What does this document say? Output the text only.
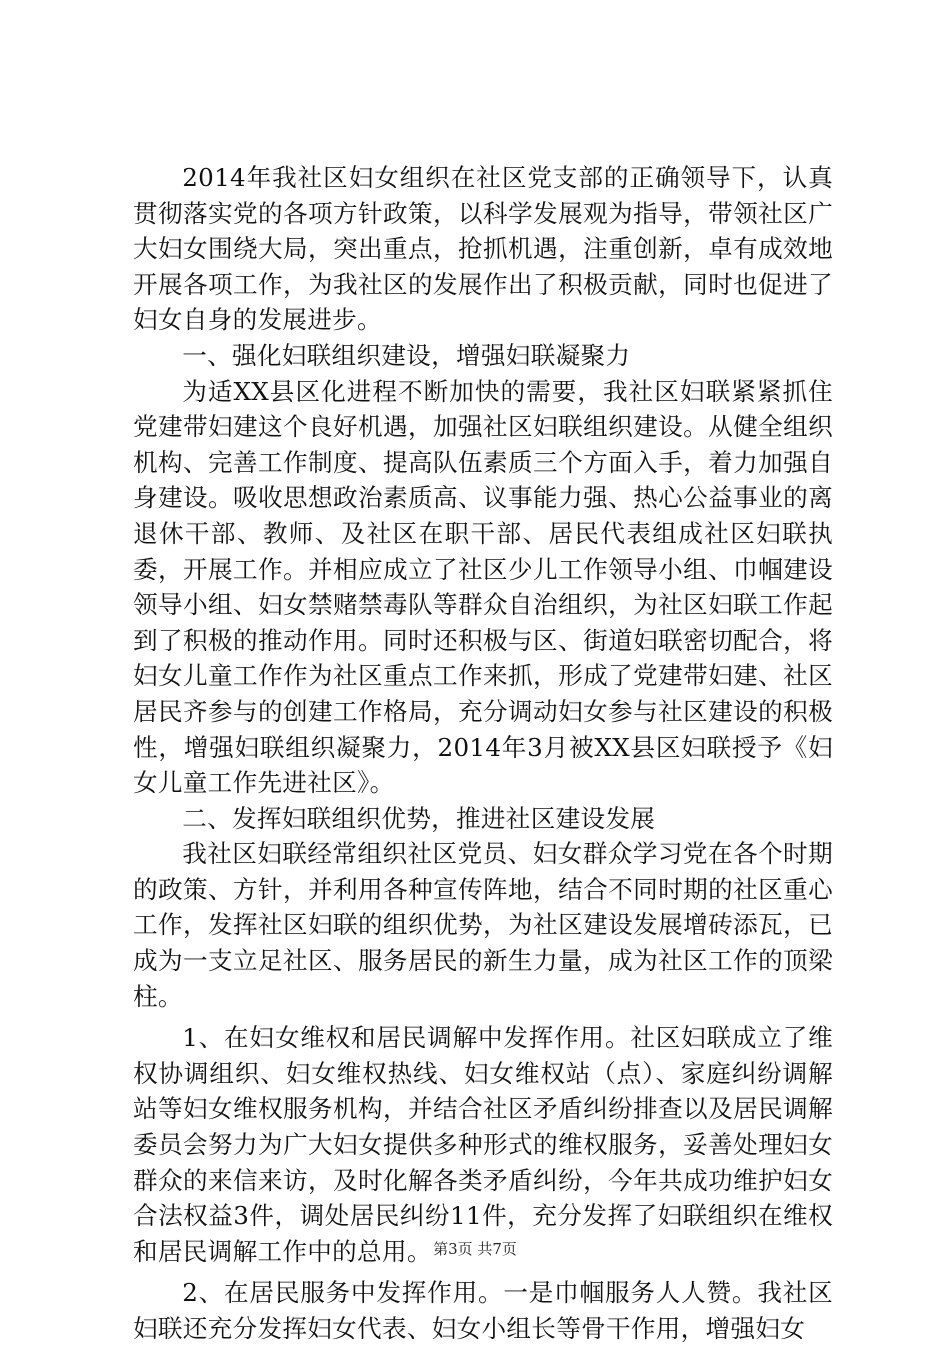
2014年我社区妇女组织在社区党支部的正确领导下，认真贯彻落实党的各项方针政策，以科学发展观为指导，带领社区广大妇女围绕大局，突出重点，抢抓机遇，注重创新，卓有成效地开展各项工作，为我社区的发展作出了积极贡献，同时也促进了妇女自身的发展进步。

一、强化妇联组织建设，增强妇联凝聚力

为适XX县区化进程不断加快的需要，我社区妇联紧紧抓住党建带妇建这个良好机遇，加强社区妇联组织建设。从健全组织机构、完善工作制度、提高队伍素质三个方面入手，着力加强自身建设。吸收思想政治素质高、议事能力强、热心公益事业的离退休干部、教师、及社区在职干部、居民代表组成社区妇联执委，开展工作。并相应成立了社区少儿工作领导小组、巾帼建设领导小组、妇女禁赌禁毒队等群众自治组织，为社区妇联工作起到了积极的推动作用。同时还积极与区、街道妇联密切配合，将妇女儿童工作作为社区重点工作来抓，形成了党建带妇建、社区居民齐参与的创建工作格局，充分调动妇女参与社区建设的积极性，增强妇联组织凝聚力，2014年3月被XX县区妇联授予《妇女儿童工作先进社区》。

二、发挥妇联组织优势，推进社区建设发展

我社区妇联经常组织社区党员、妇女群众学习党在各个时期的政策、方针，并利用各种宣传阵地，结合不同时期的社区重心工作，发挥社区妇联的组织优势，为社区建设发展增砖添瓦，已成为一支立足社区、服务居民的新生力量，成为社区工作的顶梁柱。

1、在妇女维权和居民调解中发挥作用。社区妇联成立了维权协调组织、妇女维权热线、妇女维权站（点）、家庭纠纷调解站等妇女维权服务机构，并结合社区矛盾纠纷排查以及居民调解委员会努力为广大妇女提供多种形式的维权服务，妥善处理妇女群众的来信来访，及时化解各类矛盾纠纷，今年共成功维护妇女合法权益3件，调处居民纠纷11件，充分发挥了妇联组织在维权和居民调解工作中的总用。

2、在居民服务中发挥作用。一是巾帼服务人人赞。我社区妇联还充分发挥妇女代表、妇女小组长等骨干作用，增强妇女

第3页 共7页
